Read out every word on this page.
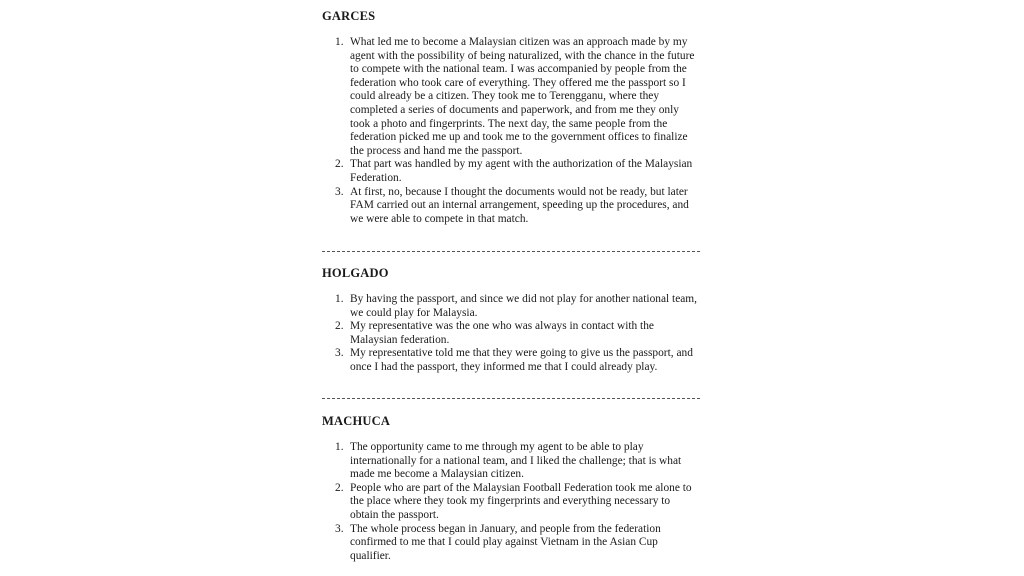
GARCES
1. What led me to become a Malaysian citizen was an approach made by my agent with the possibility of being naturalized, with the chance in the future to compete with the national team. I was accompanied by people from the federation who took care of everything. They offered me the passport so I could already be a citizen. They took me to Terengganu, where they completed a series of documents and paperwork, and from me they only took a photo and fingerprints. The next day, the same people from the federation picked me up and took me to the government offices to finalize the process and hand me the passport.
2. That part was handled by my agent with the authorization of the Malaysian Federation.
3. At first, no, because I thought the documents would not be ready, but later FAM carried out an internal arrangement, speeding up the procedures, and we were able to compete in that match.
HOLGADO
1. By having the passport, and since we did not play for another national team, we could play for Malaysia.
2. My representative was the one who was always in contact with the Malaysian federation.
3. My representative told me that they were going to give us the passport, and once I had the passport, they informed me that I could already play.
MACHUCA
1. The opportunity came to me through my agent to be able to play internationally for a national team, and I liked the challenge; that is what made me become a Malaysian citizen.
2. People who are part of the Malaysian Football Federation took me alone to the place where they took my fingerprints and everything necessary to obtain the passport.
3. The whole process began in January, and people from the federation confirmed to me that I could play against Vietnam in the Asian Cup qualifier.
